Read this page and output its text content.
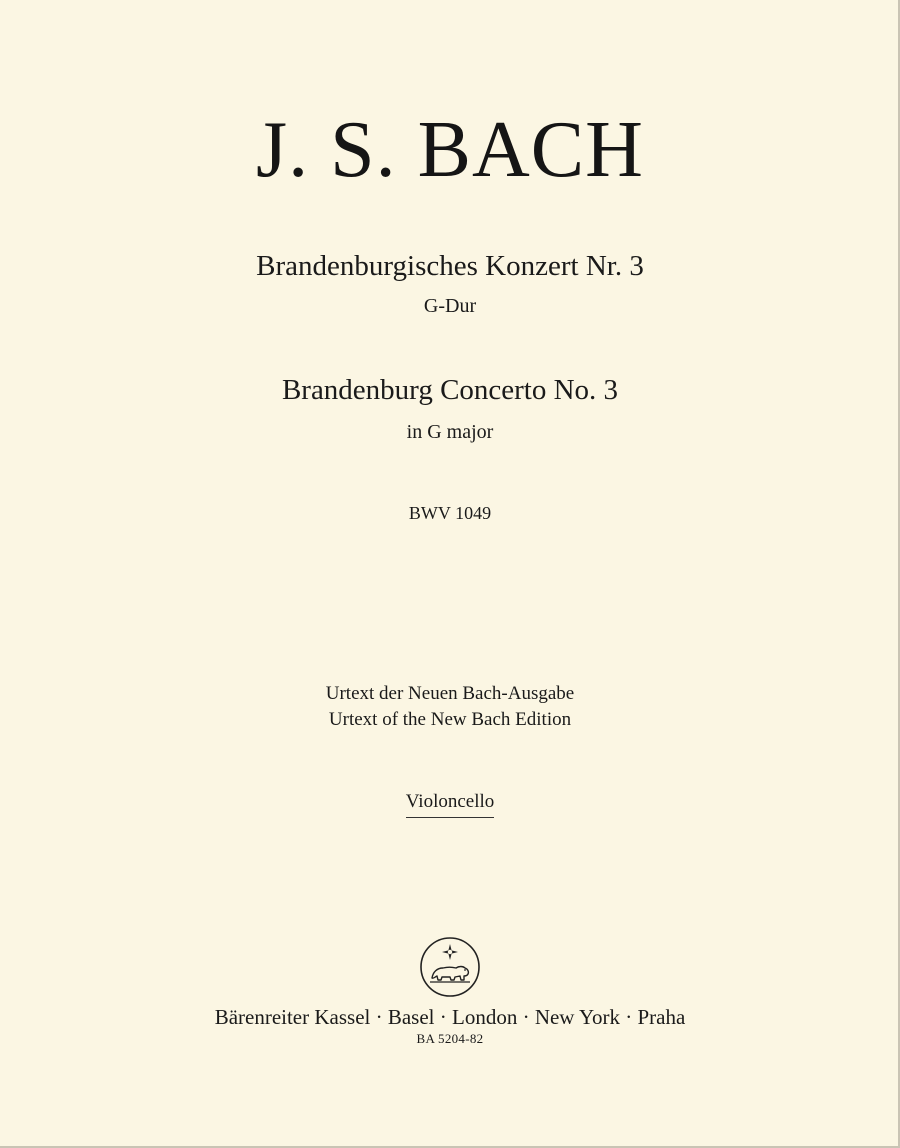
J. S. BACH
Brandenburgisches Konzert Nr. 3
G-Dur
Brandenburg Concerto No. 3
in G major
BWV 1049
Urtext der Neuen Bach-Ausgabe
Urtext of the New Bach Edition
Violoncello
Bärenreiter Kassel · Basel · London · New York · Praha
BA 5204-82
